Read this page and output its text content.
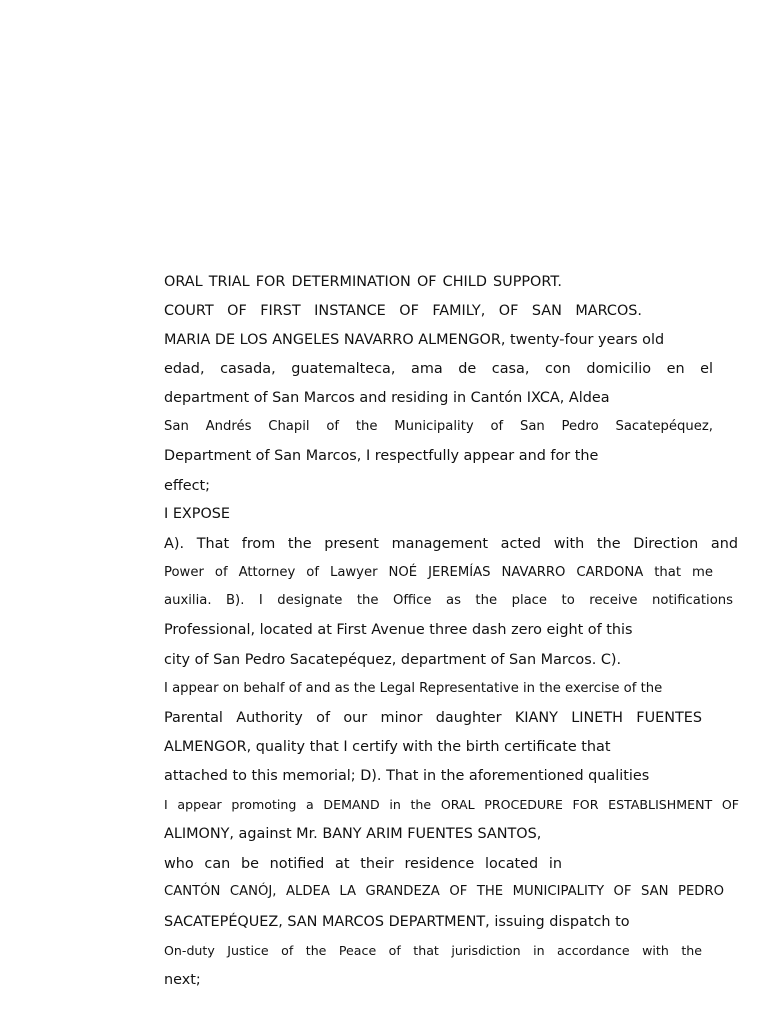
ORAL TRIAL FOR DETERMINATION OF CHILD SUPPORT.
COURT OF FIRST INSTANCE OF FAMILY, OF SAN MARCOS.
MARIA DE LOS ANGELES NAVARRO ALMENGOR, twenty-four years old
edad, casada, guatemalteca, ama de casa, con domicilio en el
department of San Marcos and residing in Cantón IXCA, Aldea
San Andrés Chapil of the Municipality of San Pedro Sacatepéquez,
Department of San Marcos, I respectfully appear and for the
effect;
I EXPOSE
A). That from the present management acted with the Direction and
Power of Attorney of Lawyer NOÉ JEREMÍAS NAVARRO CARDONA that me
auxilia. B). I designate the Office as the place to receive notifications
Professional, located at First Avenue three dash zero eight of this
city of San Pedro Sacatepéquez, department of San Marcos. C).
I appear on behalf of and as the Legal Representative in the exercise of the
Parental Authority of our minor daughter KIANY LINETH FUENTES
ALMENGOR, quality that I certify with the birth certificate that
attached to this memorial; D). That in the aforementioned qualities
I appear promoting a DEMAND in the ORAL PROCEDURE FOR ESTABLISHMENT OF
ALIMONY, against Mr. BANY ARIM FUENTES SANTOS,
who can be notified at their residence located in
CANTÓN CANÓJ, ALDEA LA GRANDEZA OF THE MUNICIPALITY OF SAN PEDRO
SACATEPÉQUEZ, SAN MARCOS DEPARTMENT, issuing dispatch to
On-duty Justice of the Peace of that jurisdiction in accordance with the
next;
